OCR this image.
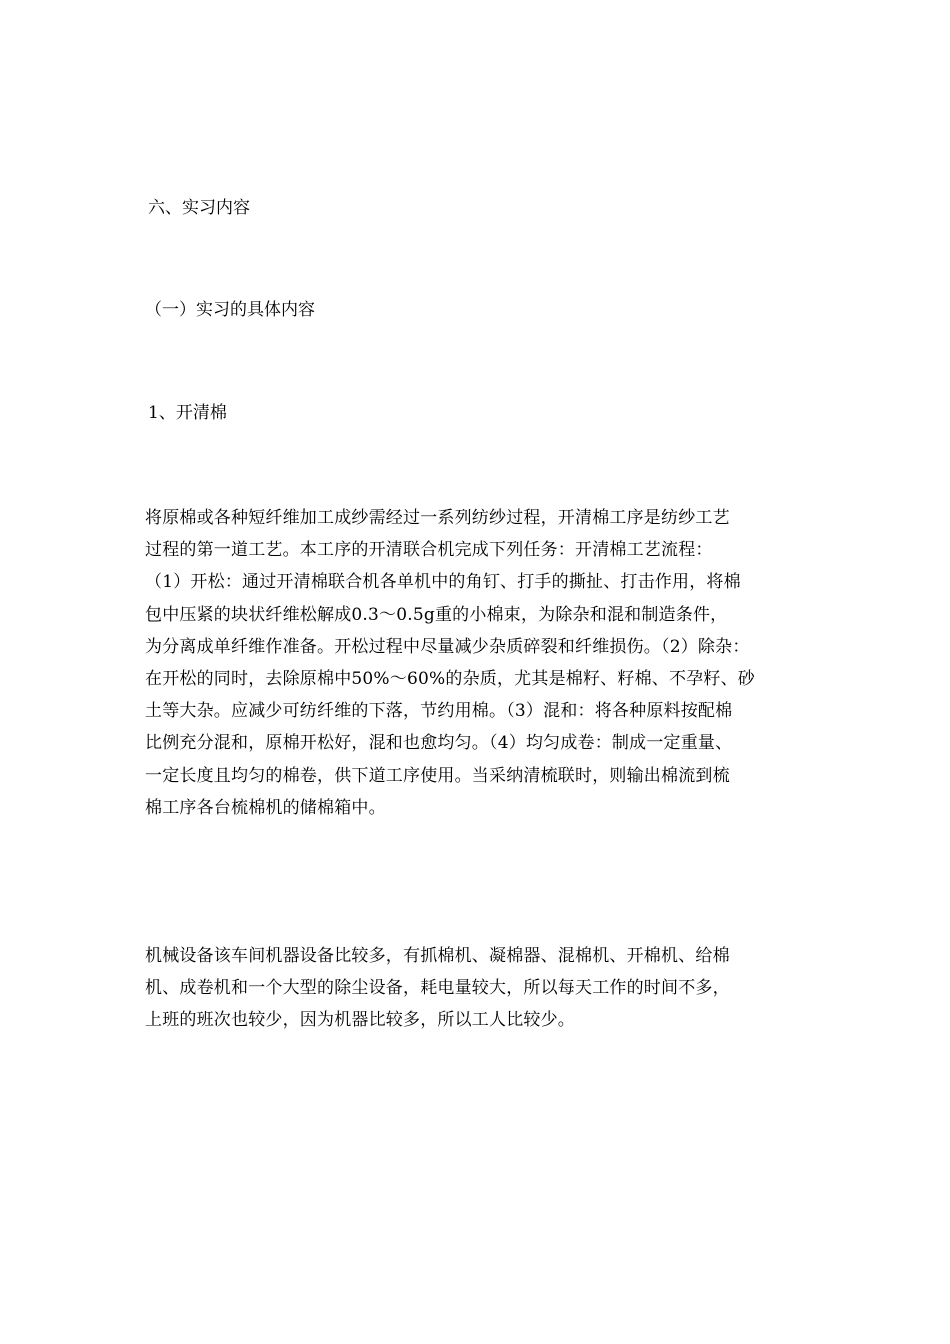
六、实习内容
（一）实习的具体内容
1、开清棉
将原棉或各种短纤维加工成纱需经过一系列纺纱过程，开清棉工序是纺纱工艺
过程的第一道工艺。本工序的开清联合机完成下列任务：开清棉工艺流程：
（1）开松：通过开清棉联合机各单机中的角钉、打手的撕扯、打击作用，将棉
包中压紧的块状纤维松解成0.3～0.5g重的小棉束，为除杂和混和制造条件，
为分离成单纤维作准备。开松过程中尽量减少杂质碎裂和纤维损伤。（2）除杂：
在开松的同时，去除原棉中50%～60%的杂质，尤其是棉籽、籽棉、不孕籽、砂
土等大杂。应减少可纺纤维的下落，节约用棉。（3）混和：将各种原料按配棉
比例充分混和，原棉开松好，混和也愈均匀。（4）均匀成卷：制成一定重量、
一定长度且均匀的棉卷，供下道工序使用。当采纳清梳联时，则输出棉流到梳
棉工序各台梳棉机的储棉箱中。
机械设备该车间机器设备比较多，有抓棉机、凝棉器、混棉机、开棉机、给棉
机、成卷机和一个大型的除尘设备，耗电量较大，所以每天工作的时间不多，
上班的班次也较少，因为机器比较多，所以工人比较少。
